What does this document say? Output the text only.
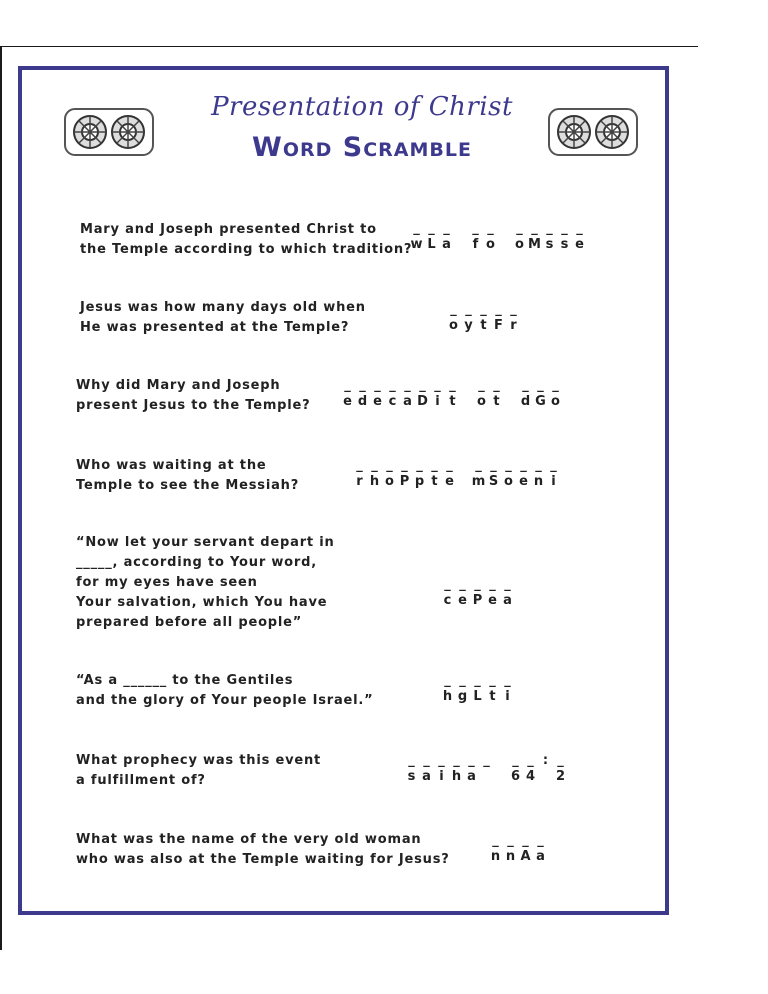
Presentation of Christ
Word Scramble

Mary and Joseph presented Christ to
the Temple according to which tradition?

_
w
_
L
_
a
_
f
_
o
_
o
_
M
_
s
_
s
_
e

Jesus was how many days old when
He was presented at the Temple?

_
o
_
y
_
t
_
F
_
r

Why did Mary and Joseph
present Jesus to the Temple?

_
e
_
d
_
e
_
c
_
a
_
D
_
i
_
t
_
o
_
t
_
d
_
G
_
o

Who was waiting at the
Temple to see the Messiah?

_
r
_
h
_
o
_
P
_
p
_
t
_
e
_
m
_
S
_
o
_
e
_
n
_
i

“Now let your servant depart in
_____, according to Your word,
for my eyes have seen
Your salvation, which You have
prepared before all people”

_
c
_
e
_
P
_
e
_
a

“As a ______ to the Gentiles
and the glory of Your people Israel.”

_
h
_
g
_
L
_
t
_
i

What prophecy was this event
a fulfillment of?

_
s
_
a
_
i
_
h
_
a
_ _
6
_
4
: _
2

What was the name of the very old woman
who was also at the Temple waiting for Jesus?

_
n
_
n
_
A
_
a
